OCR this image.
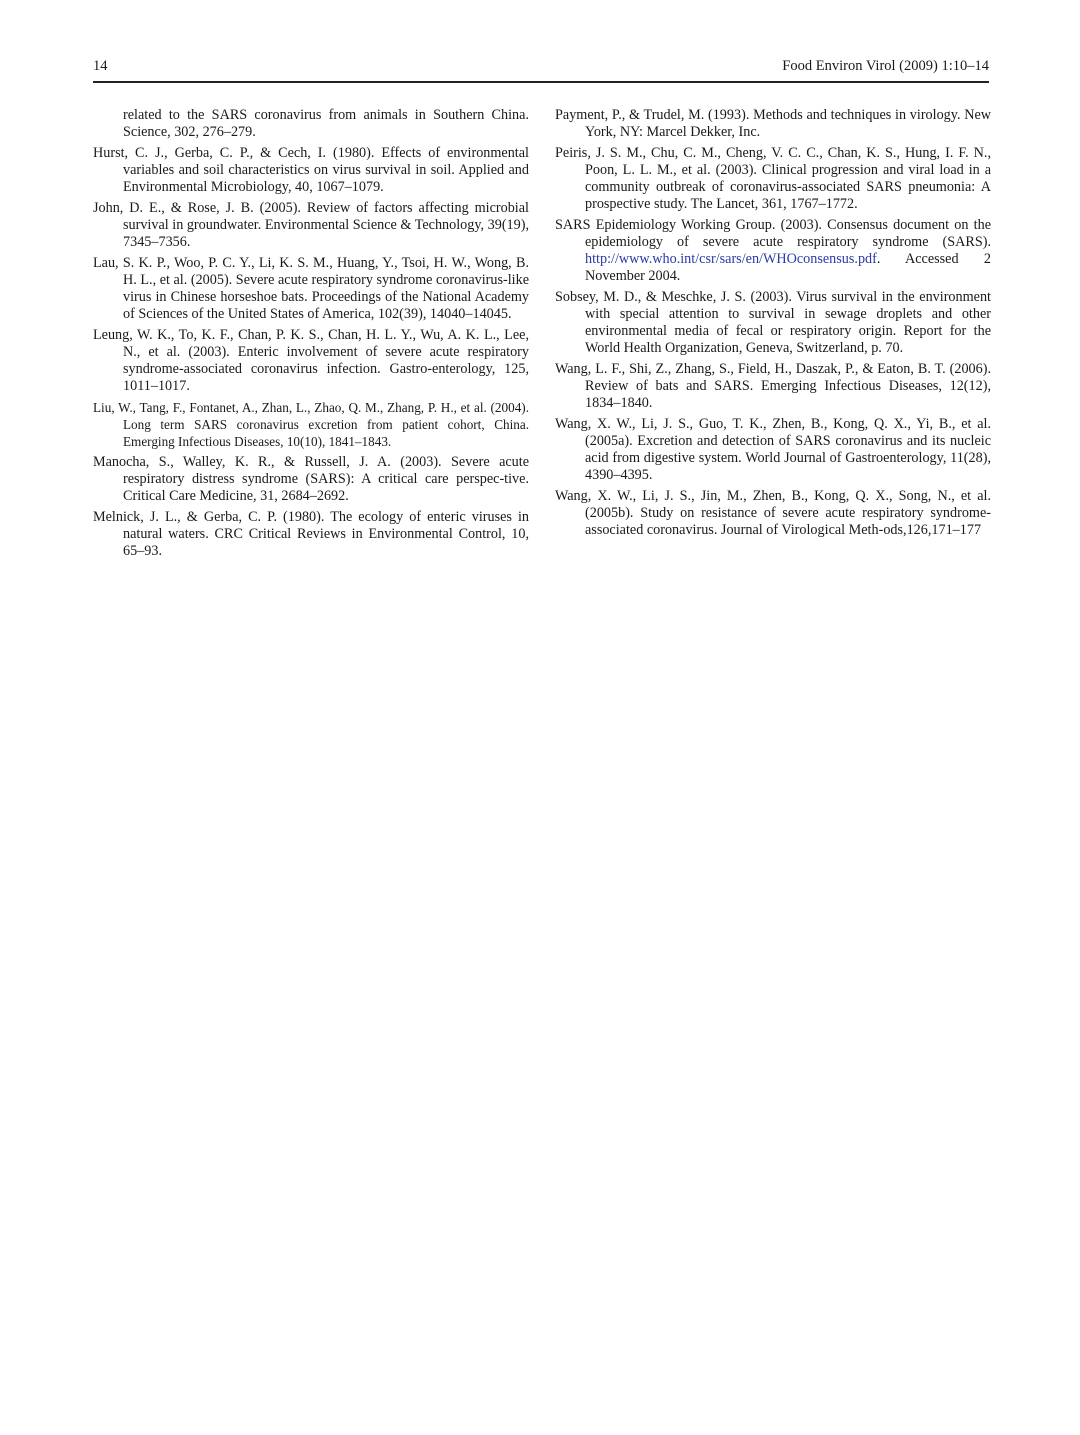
14	Food Environ Virol (2009) 1:10–14

related to the SARS coronavirus from animals in Southern China. Science, 302, 276–279.

Hurst, C. J., Gerba, C. P., & Cech, I. (1980). Effects of environmental variables and soil characteristics on virus survival in soil. Applied and Environmental Microbiology, 40, 1067–1079.

John, D. E., & Rose, J. B. (2005). Review of factors affecting microbial survival in groundwater. Environmental Science & Technology, 39(19), 7345–7356.

Lau, S. K. P., Woo, P. C. Y., Li, K. S. M., Huang, Y., Tsoi, H. W., Wong, B. H. L., et al. (2005). Severe acute respiratory syndrome coronavirus-like virus in Chinese horseshoe bats. Proceedings of the National Academy of Sciences of the United States of America, 102(39), 14040–14045.

Leung, W. K., To, K. F., Chan, P. K. S., Chan, H. L. Y., Wu, A. K. L., Lee, N., et al. (2003). Enteric involvement of severe acute respiratory syndrome-associated coronavirus infection. Gastro-enterology, 125, 1011–1017.

Liu, W., Tang, F., Fontanet, A., Zhan, L., Zhao, Q. M., Zhang, P. H., et al. (2004). Long term SARS coronavirus excretion from patient cohort, China. Emerging Infectious Diseases, 10(10), 1841–1843.

Manocha, S., Walley, K. R., & Russell, J. A. (2003). Severe acute respiratory distress syndrome (SARS): A critical care perspec-tive. Critical Care Medicine, 31, 2684–2692.

Melnick, J. L., & Gerba, C. P. (1980). The ecology of enteric viruses in natural waters. CRC Critical Reviews in Environmental Control, 10, 65–93.

Payment, P., & Trudel, M. (1993). Methods and techniques in virology. New York, NY: Marcel Dekker, Inc.

Peiris, J. S. M., Chu, C. M., Cheng, V. C. C., Chan, K. S., Hung, I. F. N., Poon, L. L. M., et al. (2003). Clinical progression and viral load in a community outbreak of coronavirus-associated SARS pneumonia: A prospective study. The Lancet, 361, 1767–1772.

SARS Epidemiology Working Group. (2003). Consensus document on the epidemiology of severe acute respiratory syndrome (SARS). http://www.who.int/csr/sars/en/WHOconsensus.pdf. Accessed 2 November 2004.

Sobsey, M. D., & Meschke, J. S. (2003). Virus survival in the environment with special attention to survival in sewage droplets and other environmental media of fecal or respiratory origin. Report for the World Health Organization, Geneva, Switzerland, p. 70.

Wang, L. F., Shi, Z., Zhang, S., Field, H., Daszak, P., & Eaton, B. T. (2006). Review of bats and SARS. Emerging Infectious Diseases, 12(12), 1834–1840.

Wang, X. W., Li, J. S., Guo, T. K., Zhen, B., Kong, Q. X., Yi, B., et al. (2005a). Excretion and detection of SARS coronavirus and its nucleic acid from digestive system. World Journal of Gastroenterology, 11(28), 4390–4395.

Wang, X. W., Li, J. S., Jin, M., Zhen, B., Kong, Q. X., Song, N., et al. (2005b). Study on resistance of severe acute respiratory syndrome-associated coronavirus. Journal of Virological Meth-ods,126,171–177
